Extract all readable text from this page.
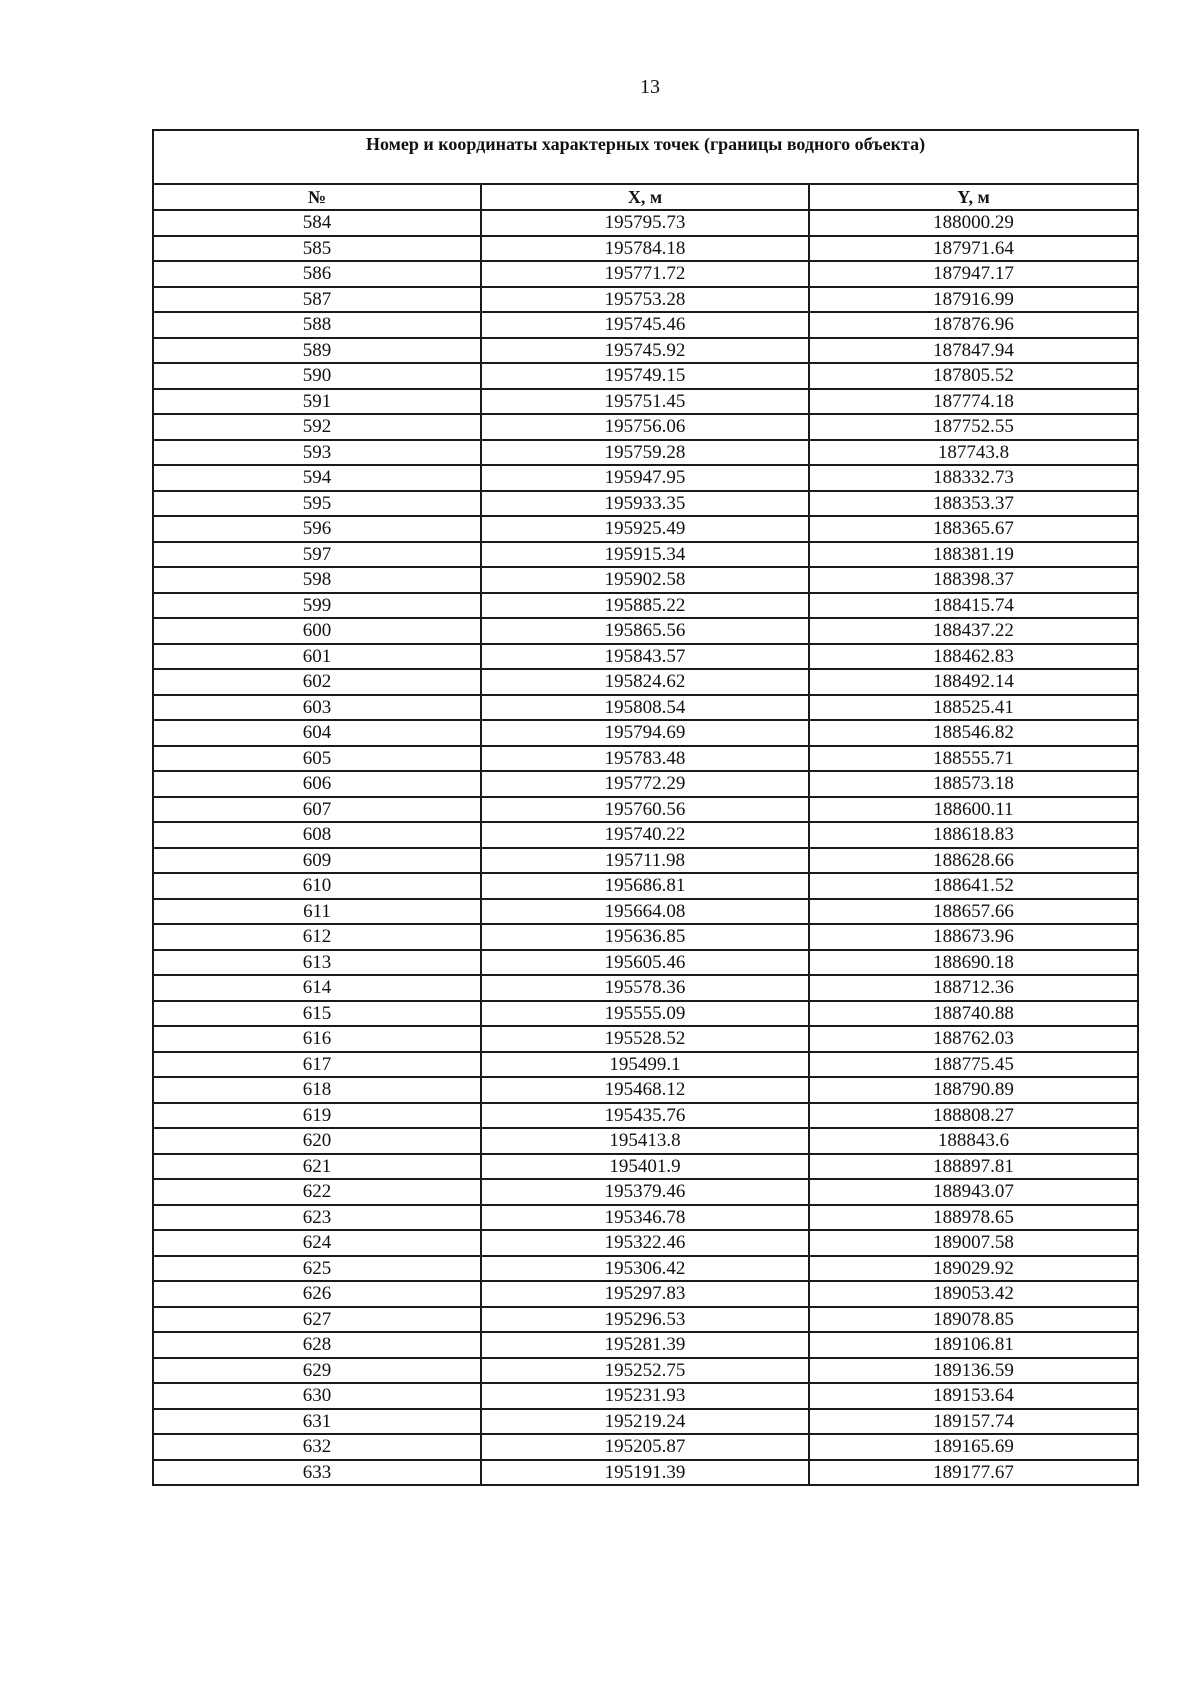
13
Номер и координаты характерных точек (границы водного объекта)		
№	X, м	Y, м
584	195795.73	188000.29
585	195784.18	187971.64
586	195771.72	187947.17
587	195753.28	187916.99
588	195745.46	187876.96
589	195745.92	187847.94
590	195749.15	187805.52
591	195751.45	187774.18
592	195756.06	187752.55
593	195759.28	187743.8
594	195947.95	188332.73
595	195933.35	188353.37
596	195925.49	188365.67
597	195915.34	188381.19
598	195902.58	188398.37
599	195885.22	188415.74
600	195865.56	188437.22
601	195843.57	188462.83
602	195824.62	188492.14
603	195808.54	188525.41
604	195794.69	188546.82
605	195783.48	188555.71
606	195772.29	188573.18
607	195760.56	188600.11
608	195740.22	188618.83
609	195711.98	188628.66
610	195686.81	188641.52
611	195664.08	188657.66
612	195636.85	188673.96
613	195605.46	188690.18
614	195578.36	188712.36
615	195555.09	188740.88
616	195528.52	188762.03
617	195499.1	188775.45
618	195468.12	188790.89
619	195435.76	188808.27
620	195413.8	188843.6
621	195401.9	188897.81
622	195379.46	188943.07
623	195346.78	188978.65
624	195322.46	189007.58
625	195306.42	189029.92
626	195297.83	189053.42
627	195296.53	189078.85
628	195281.39	189106.81
629	195252.75	189136.59
630	195231.93	189153.64
631	195219.24	189157.74
632	195205.87	189165.69
633	195191.39	189177.67
